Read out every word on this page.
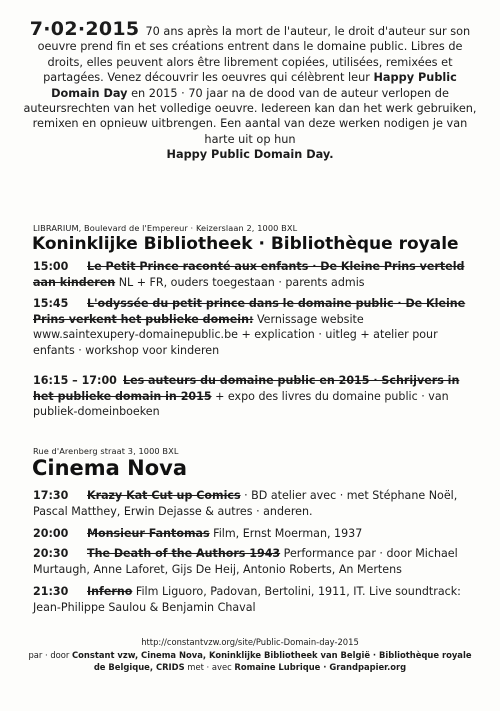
7·02·2015 70 ans après la mort de l'auteur, le droit d'auteur sur son oeuvre prend fin et ses créations entrent dans le domaine public. Libres de droits, elles peuvent alors être librement copiées, utilisées, remixées et partagées. Venez découvrir les oeuvres qui célèbrent leur Happy Public Domain Day en 2015 · 70 jaar na de dood van de auteur verlopen de auteursrechten van het volledige oeuvre. Iedereen kan dan het werk gebruiken, remixen en opnieuw uitbrengen. Een aantal van deze werken nodigen je van harte uit op hun
Happy Public Domain Day.
LIBRARIUM, Boulevard de l'Empereur · Keizerslaan 2, 1000 BXL
Koninklijke Bibliotheek · Bibliothèque royale
Le Petit Prince raconté aux enfants · De Kleine Prins verteld aan kinderen NL + FR, ouders toegestaan · parents admis
15:00
L'odyssée du petit prince dans le domaine public · De Kleine Prins verkent het publieke domein: Vernissage website www.saintexupery-domainepublic.be + explication · uitleg + atelier pour enfants · workshop voor kinderen
15:45
Les auteurs du domaine public en 2015 · Schrijvers in het publieke domain in 2015 + expo des livres du domaine public · van publiek-domeinboeken
16:15 – 17:00
Rue d'Arenberg straat 3, 1000 BXL
Cinema Nova
Krazy Kat Cut up Comics · BD atelier avec · met Stéphane Noël, Pascal Matthey, Erwin Dejasse & autres · anderen.
17:30
Monsieur Fantomas Film, Ernst Moerman, 1937
20:00
The Death of the Authors 1943 Performance par · door Michael Murtaugh, Anne Laforet, Gijs De Heij, Antonio Roberts, An Mertens
20:30
Inferno Film Liguoro, Padovan, Bertolini, 1911, IT. Live soundtrack: Jean-Philippe Saulou & Benjamin Chaval
21:30
http://constantvzw.org/site/Public-Domain-day-2015
par · door Constant vzw, Cinema Nova, Koninklijke Bibliotheek van België · Bibliothèque royale de Belgique, CRIDS met · avec Romaine Lubrique · Grandpapier.org
